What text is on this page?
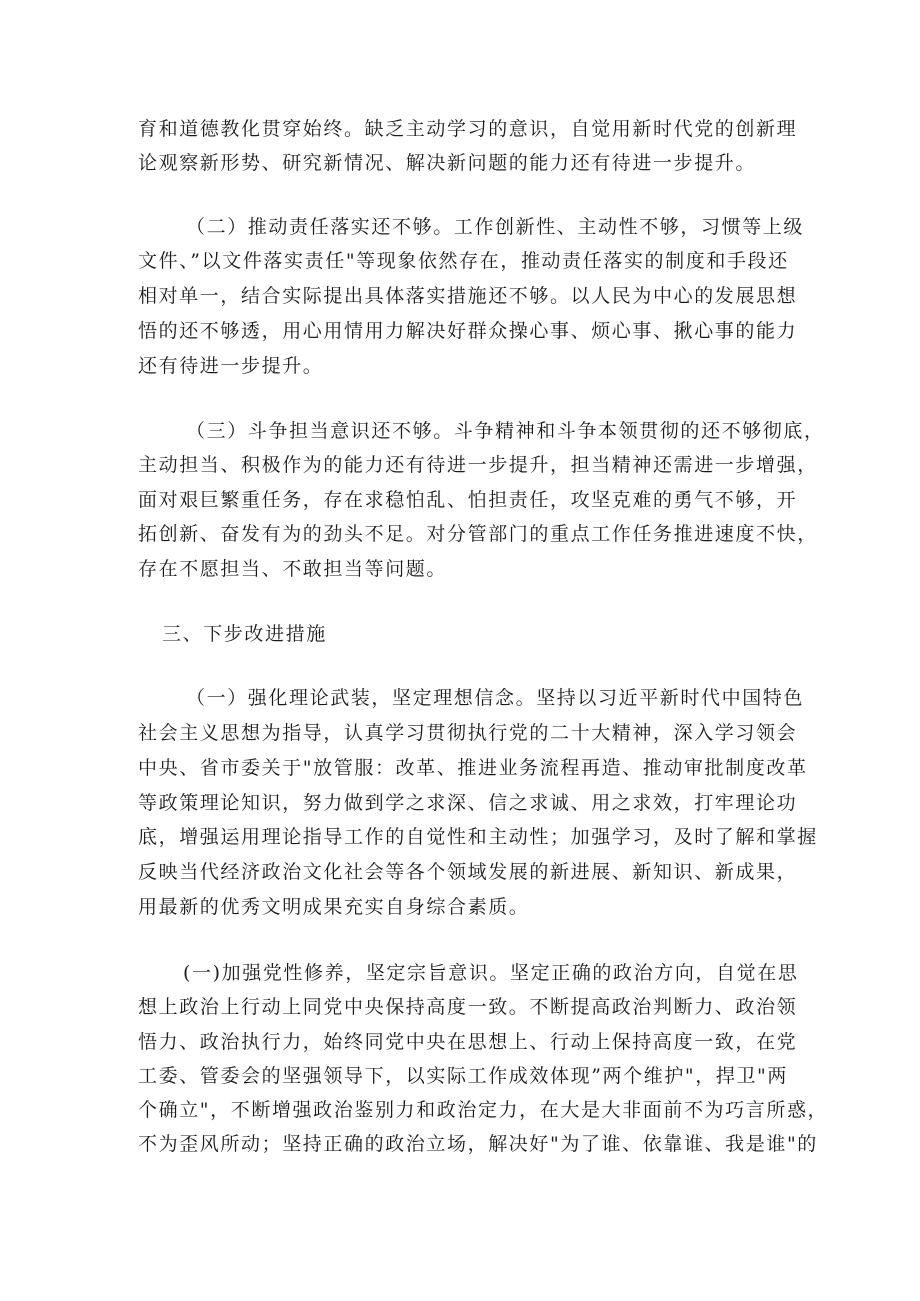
育和道德教化贯穿始终。缺乏主动学习的意识，自觉用新时代党的创新理
论观察新形势、研究新情况、解决新问题的能力还有待进一步提升。
（二）推动责任落实还不够。工作创新性、主动性不够，习惯等上级
文件、”以文件落实责任"等现象依然存在，推动责任落实的制度和手段还
相对单一，结合实际提出具体落实措施还不够。以人民为中心的发展思想
悟的还不够透，用心用情用力解决好群众操心事、烦心事、揪心事的能力
还有待进一步提升。
（三）斗争担当意识还不够。斗争精神和斗争本领贯彻的还不够彻底，
主动担当、积极作为的能力还有待进一步提升，担当精神还需进一步增强，
面对艰巨繁重任务，存在求稳怕乱、怕担责任，攻坚克难的勇气不够，开
拓创新、奋发有为的劲头不足。对分管部门的重点工作任务推进速度不快，
存在不愿担当、不敢担当等问题。
三、下步改进措施
（一）强化理论武装，坚定理想信念。坚持以习近平新时代中国特色
社会主义思想为指导，认真学习贯彻执行党的二十大精神，深入学习领会
中央、省市委关于"放管服：改革、推进业务流程再造、推动审批制度改革
等政策理论知识，努力做到学之求深、信之求诚、用之求效，打牢理论功
底，增强运用理论指导工作的自觉性和主动性；加强学习，及时了解和掌握
反映当代经济政治文化社会等各个领域发展的新进展、新知识、新成果，
用最新的优秀文明成果充实自身综合素质。
(一)加强党性修养，坚定宗旨意识。坚定正确的政治方向，自觉在思
想上政治上行动上同党中央保持高度一致。不断提高政治判断力、政治领
悟力、政治执行力，始终同党中央在思想上、行动上保持高度一致，在党
工委、管委会的坚强领导下，以实际工作成效体现”两个维护"，捍卫"两
个确立"，不断增强政治鉴别力和政治定力，在大是大非面前不为巧言所惑，
不为歪风所动；坚持正确的政治立场，解决好"为了谁、依靠谁、我是谁"的
